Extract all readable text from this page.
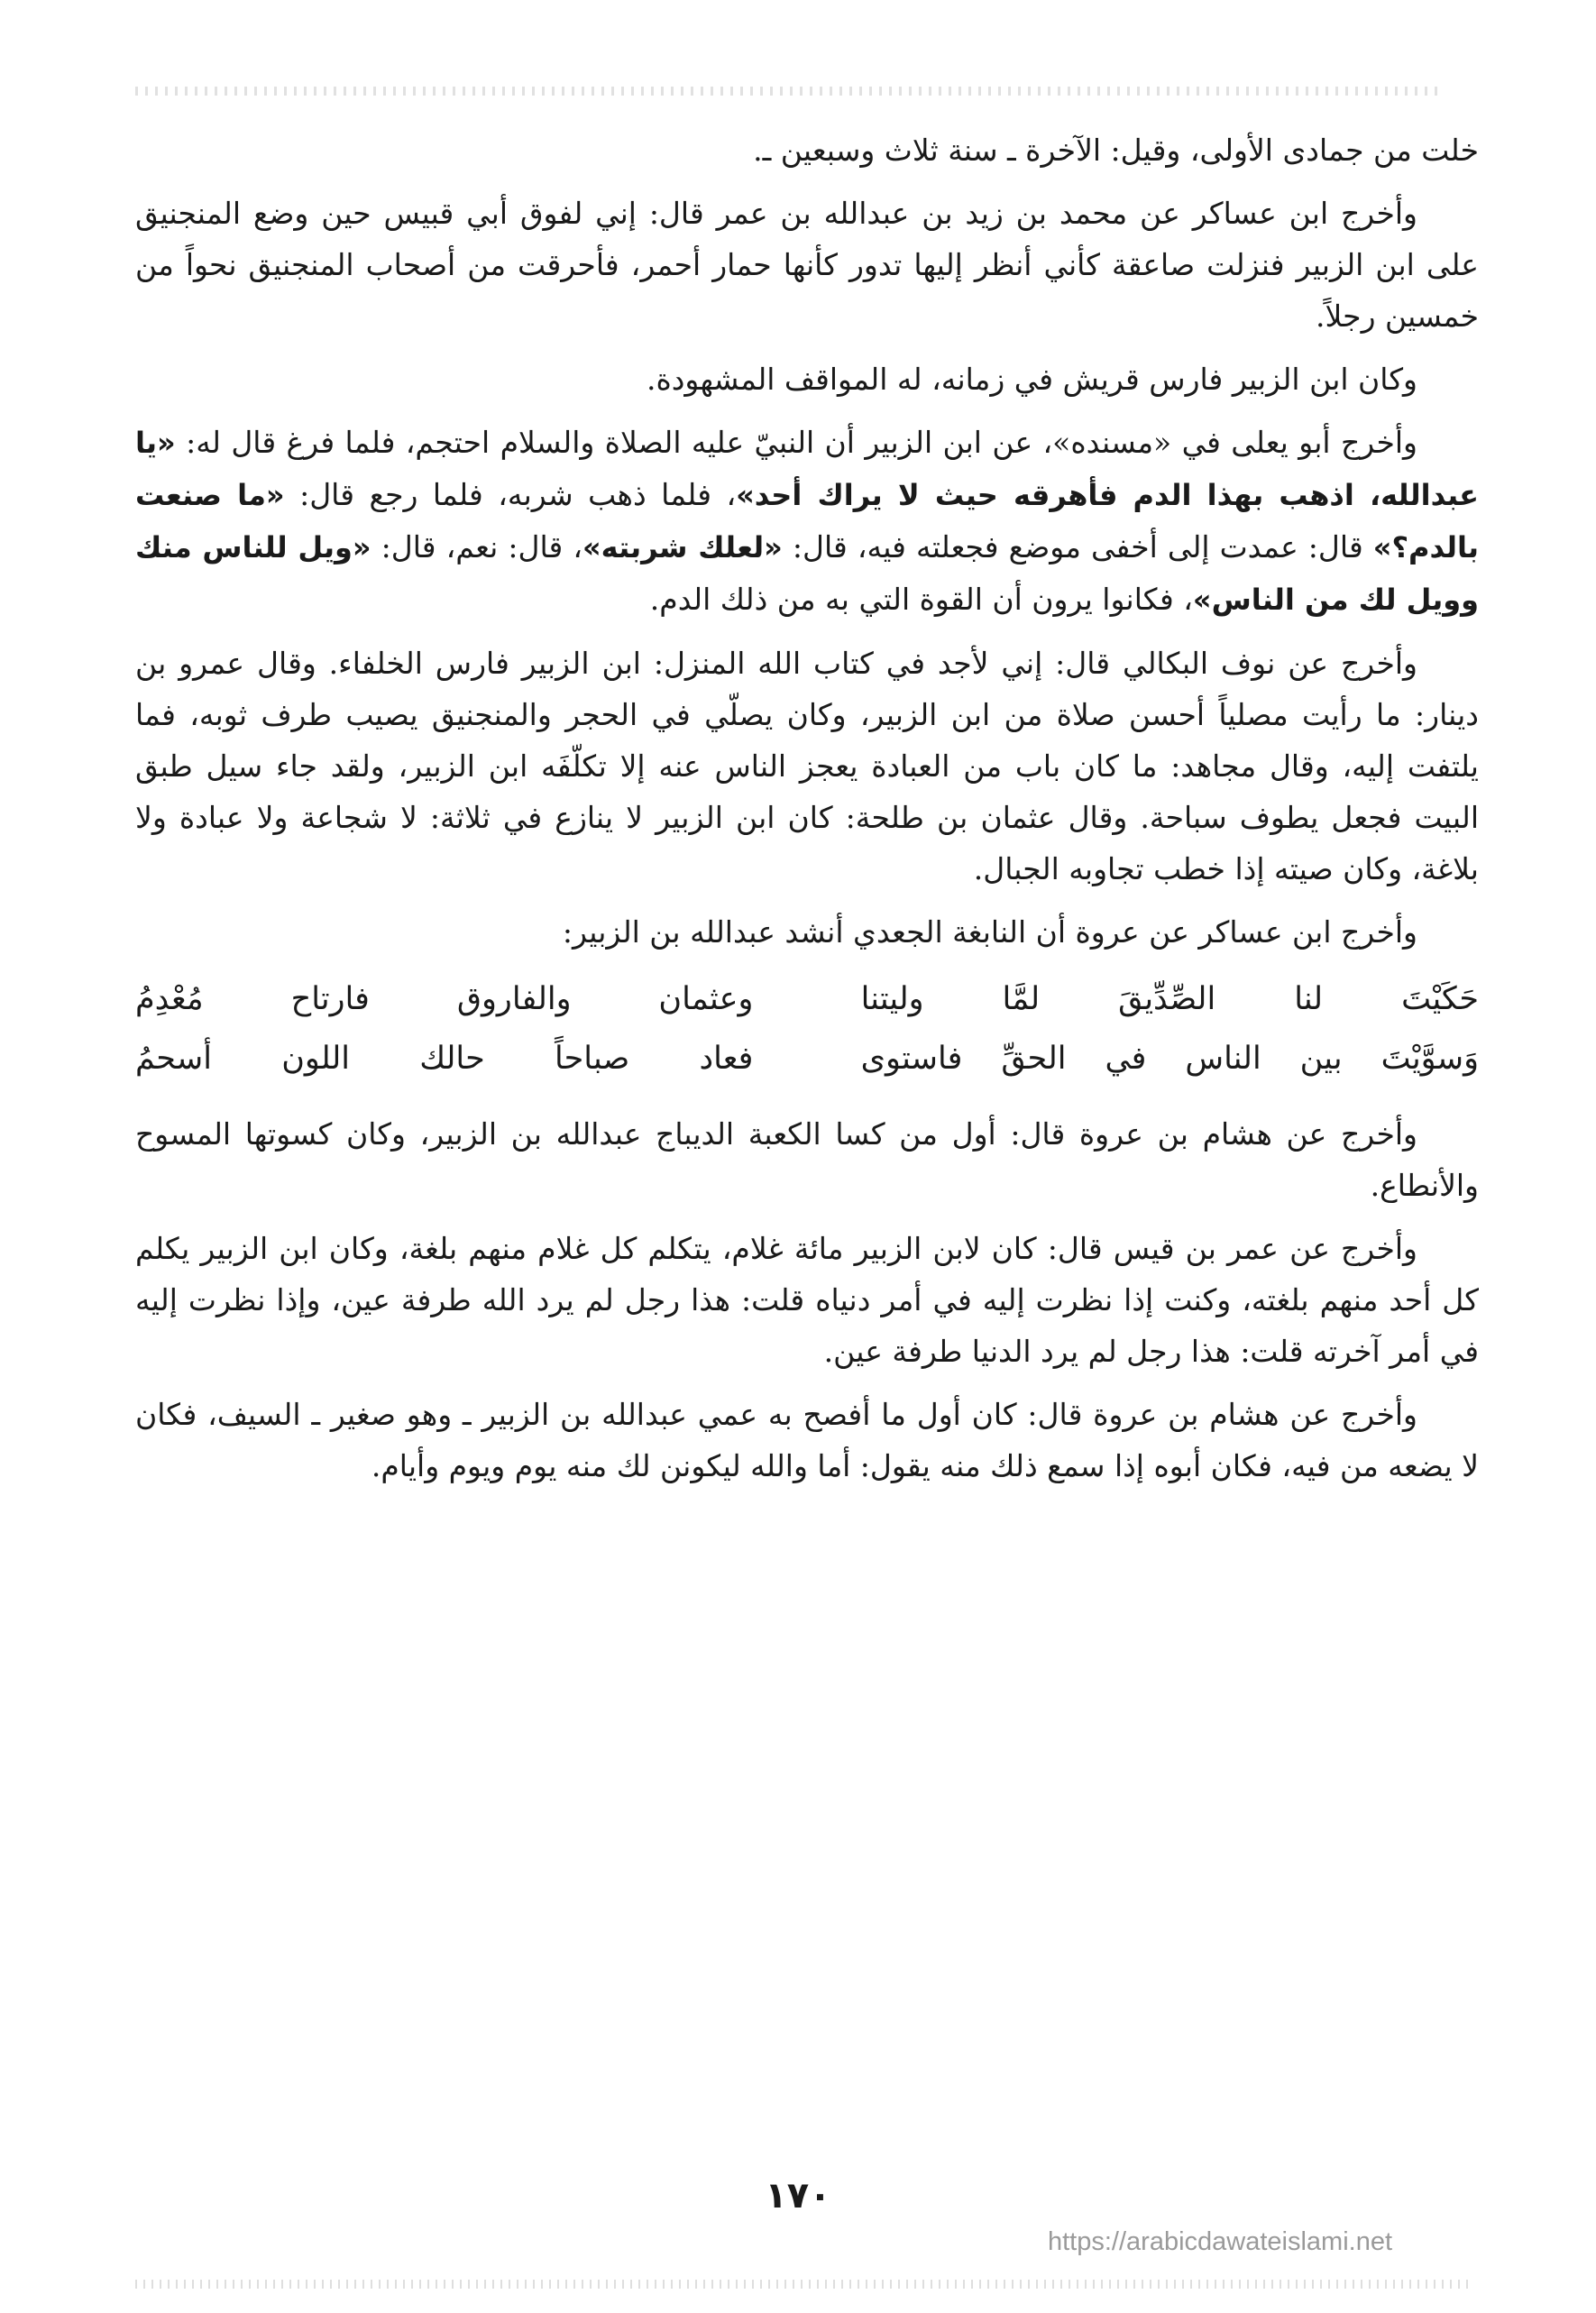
خلت من جمادى الأولى، وقيل: الآخرة ـ سنة ثلاث وسبعين ـ.

وأخرج ابن عساكر عن محمد بن زيد بن عبدالله بن عمر قال: إني لفوق أبي قبيس حين وضع المنجنيق على ابن الزبير فنزلت صاعقة كأني أنظر إليها تدور كأنها حمار أحمر، فأحرقت من أصحاب المنجنيق نحواً من خمسين رجلاً.

وكان ابن الزبير فارس قريش في زمانه، له المواقف المشهودة.

وأخرج أبو يعلى في «مسنده»، عن ابن الزبير أن النبيّ عليه الصلاة والسلام احتجم، فلما فرغ قال له: «يا عبدالله، اذهب بهذا الدم فأهرقه حيث لا يراك أحد»، فلما ذهب شربه، فلما رجع قال: «ما صنعت بالدم؟» قال: عمدت إلى أخفى موضع فجعلته فيه، قال: «لعلك شربته»، قال: نعم، قال: «ويل للناس منك وويل لك من الناس»، فكانوا يرون أن القوة التي به من ذلك الدم.

وأخرج عن نوف البكالي قال: إني لأجد في كتاب الله المنزل: ابن الزبير فارس الخلفاء. وقال عمرو بن دينار: ما رأيت مصلياً أحسن صلاة من ابن الزبير، وكان يصلّي في الحجر والمنجنيق يصيب طرف ثوبه، فما يلتفت إليه، وقال مجاهد: ما كان باب من العبادة يعجز الناس عنه إلا تكلّفَه ابن الزبير، ولقد جاء سيل طبق البيت فجعل يطوف سباحة. وقال عثمان بن طلحة: كان ابن الزبير لا ينازع في ثلاثة: لا شجاعة ولا عبادة ولا بلاغة، وكان صيته إذا خطب تجاوبه الجبال.

وأخرج ابن عساكر عن عروة أن النابغة الجعدي أنشد عبدالله بن الزبير:

حَكَيْتَ لنا الصِّدِّيقَ لمَّا وليتنا
وعثمان والفاروق فارتاح مُعْدِمُ
وَسوَّيْتَ بين الناس في الحقِّ فاستوى
فعاد صباحاً حالك اللون أسحمُ

وأخرج عن هشام بن عروة قال: أول من كسا الكعبة الديباج عبدالله بن الزبير، وكان كسوتها المسوح والأنطاع.

وأخرج عن عمر بن قيس قال: كان لابن الزبير مائة غلام، يتكلم كل غلام منهم بلغة، وكان ابن الزبير يكلم كل أحد منهم بلغته، وكنت إذا نظرت إليه في أمر دنياه قلت: هذا رجل لم يرد الله طرفة عين، وإذا نظرت إليه في أمر آخرته قلت: هذا رجل لم يرد الدنيا طرفة عين.

وأخرج عن هشام بن عروة قال: كان أول ما أفصح به عمي عبدالله بن الزبير ـ وهو صغير ـ السيف، فكان لا يضعه من فيه، فكان أبوه إذا سمع ذلك منه يقول: أما والله ليكونن لك منه يوم ويوم وأيام.

١٧٠
https://arabicdawateislami.net
